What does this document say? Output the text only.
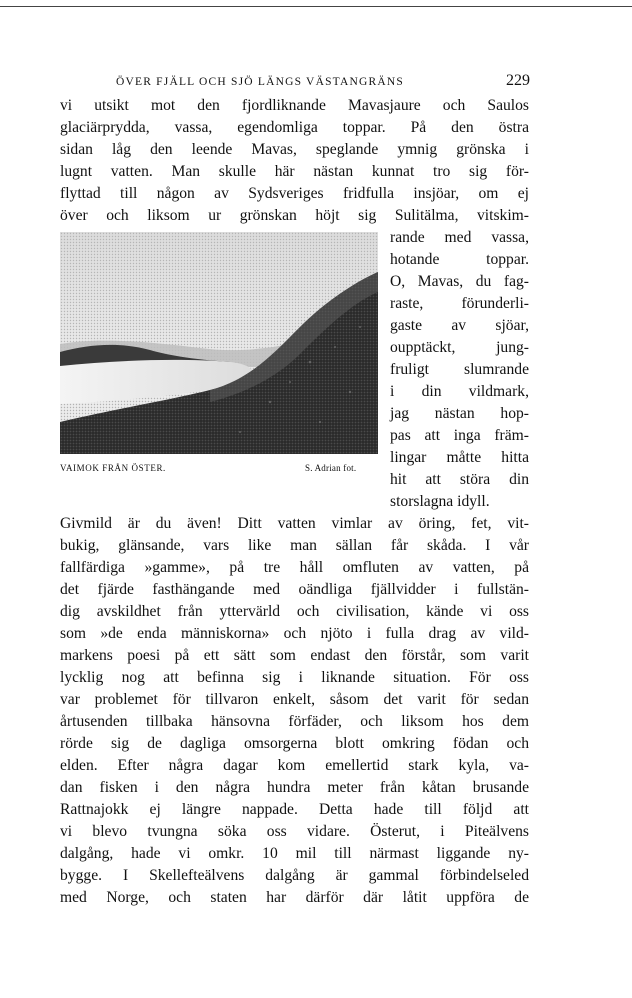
ÖVER FJÄLL OCH SJÖ LÄNGS VÄSTANGRÄNS	229
vi utsikt mot den fjordliknande Mavasjaure och Saulos
glaciärprydda, vassa, egendomliga toppar. På den östra
sidan låg den leende Mavas, speglande ymnig grönska i
lugnt vatten. Man skulle här nästan kunnat tro sig för-
flyttad till någon av Sydsveriges fridfulla insjöar, om ej
över och liksom ur grönskan höjt sig Sulitälma, vitskim-
rande med vassa,
hotande toppar.
O, Mavas, du fag-
raste, förunderli-
gaste av sjöar,
oupptäckt, jung-
fruligt slumrande
i din vildmark,
jag nästan hop-
pas att inga främ-
lingar måtte hitta
hit att störa din
storslagna idyll.
VAIMOK FRÅN ÖSTER.	S. Adrian fot.
Givmild är du även! Ditt vatten vimlar av öring, fet, vit-
bukig, glänsande, vars like man sällan får skåda. I vår
fallfärdiga »gamme», på tre håll omfluten av vatten, på
det fjärde fasthängande med oändliga fjällvidder i fullstän-
dig avskildhet från yttervärld och civilisation, kände vi oss
som »de enda människorna» och njöto i fulla drag av vild-
markens poesi på ett sätt som endast den förstår, som varit
lycklig nog att befinna sig i liknande situation. För oss
var problemet för tillvaron enkelt, såsom det varit för sedan
årtusenden tillbaka hänsovna förfäder, och liksom hos dem
rörde sig de dagliga omsorgerna blott omkring födan och
elden. Efter några dagar kom emellertid stark kyla, va-
dan fisken i den några hundra meter från kåtan brusande
Rattnajokk ej längre nappade. Detta hade till följd att
vi blevo tvungna söka oss vidare. Österut, i Piteälvens
dalgång, hade vi omkr. 10 mil till närmast liggande ny-
bygge. I Skellefteälvens dalgång är gammal förbindelseled
med Norge, och staten har därför där låtit uppföra de
